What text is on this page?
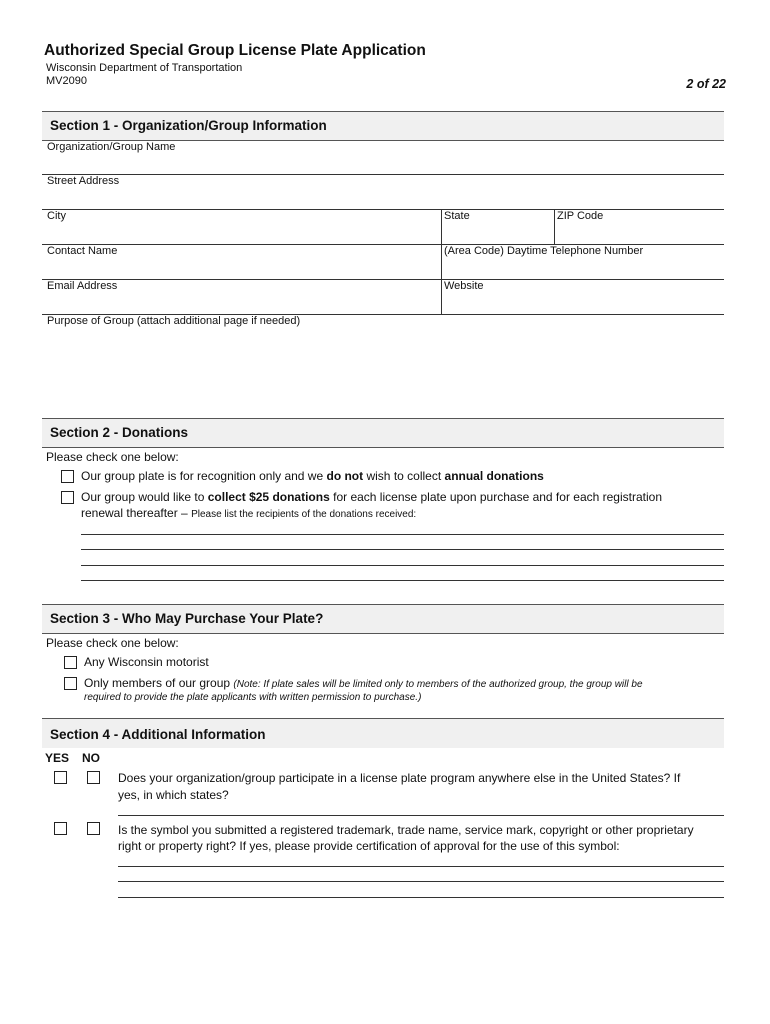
Authorized Special Group License Plate Application
Wisconsin Department of Transportation
MV2090	2 of 22
Section 1 - Organization/Group Information
Organization/Group Name
Street Address
City	State	ZIP Code
Contact Name	(Area Code) Daytime Telephone Number
Email Address	Website
Purpose of Group (attach additional page if needed)
Section 2 - Donations
Please check one below:
Our group plate is for recognition only and we do not wish to collect annual donations
Our group would like to collect $25 donations for each license plate upon purchase and for each registration
renewal thereafter – Please list the recipients of the donations received:
Section 3 - Who May Purchase Your Plate?
Please check one below:
Any Wisconsin motorist
Only members of our group (Note: If plate sales will be limited only to members of the authorized group, the group will be
required to provide the plate applicants with written permission to purchase.)
Section 4 - Additional Information
YES NO
Does your organization/group participate in a license plate program anywhere else in the United States? If
yes, in which states?
Is the symbol you submitted a registered trademark, trade name, service mark, copyright or other proprietary
right or property right? If yes, please provide certification of approval for the use of this symbol:
